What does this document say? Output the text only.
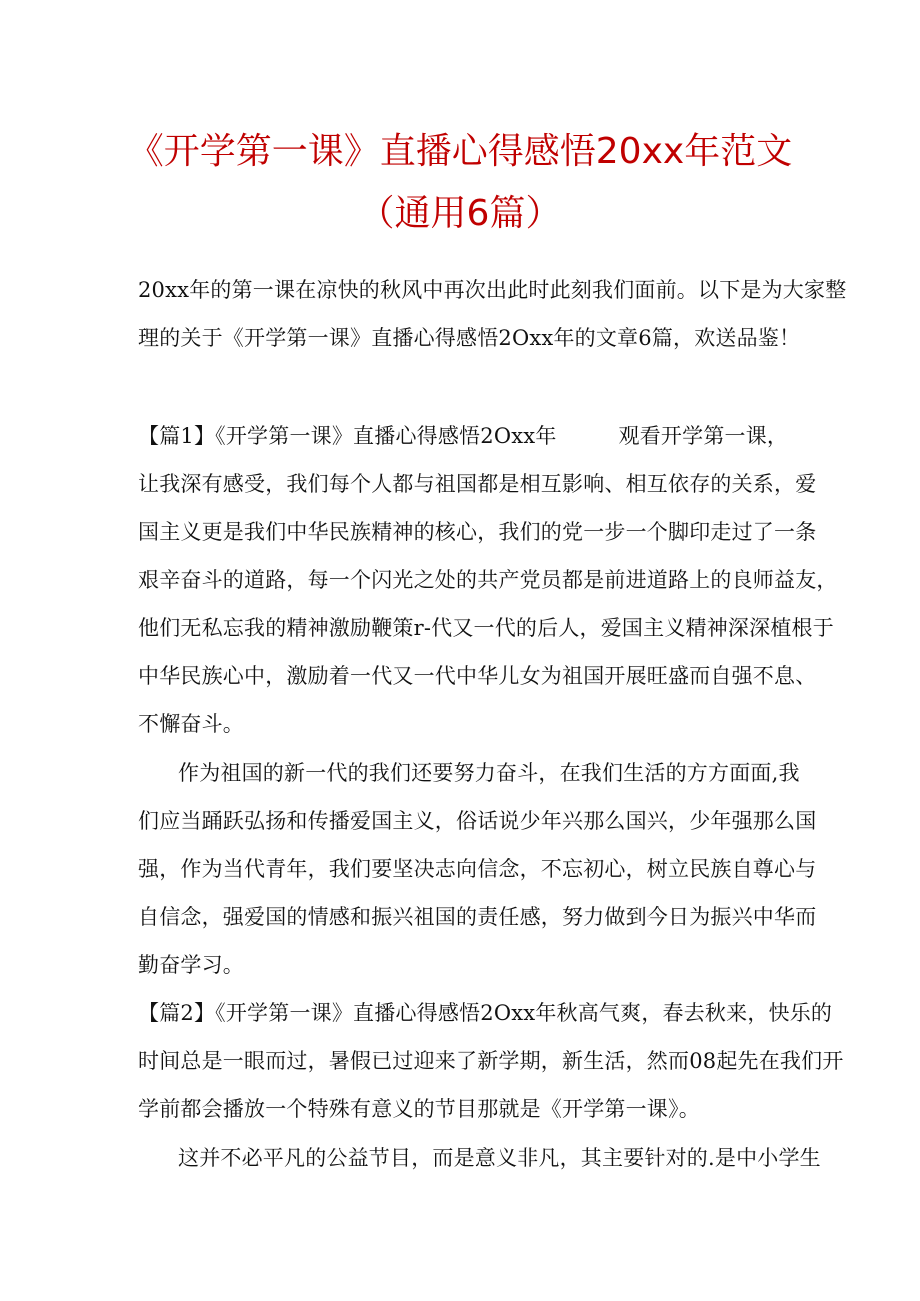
《开学第一课》直播心得感悟20xx年范文
（通用6篇）
20xx年的第一课在凉快的秋风中再次出此时此刻我们面前。以下是为大家整
理的关于《开学第一课》直播心得感悟2Oxx年的文章6篇，欢送品鉴！
【篇1】《开学第一课》直播心得感悟2Oxx年	观看开学第一课，
让我深有感受，我们每个人都与祖国都是相互影响、相互依存的关系，爱
国主义更是我们中华民族精神的核心，我们的党一步一个脚印走过了一条
艰辛奋斗的道路，每一个闪光之处的共产党员都是前进道路上的良师益友，
他们无私忘我的精神激励鞭策r-代又一代的后人，爱国主义精神深深植根于
中华民族心中，激励着一代又一代中华儿女为祖国开展旺盛而自强不息、
不懈奋斗。
作为祖国的新一代的我们还要努力奋斗，在我们生活的方方面面,我
们应当踊跃弘扬和传播爱国主义，俗话说少年兴那么国兴，少年强那么国
强，作为当代青年，我们要坚决志向信念，不忘初心，树立民族自尊心与
自信念，强爱国的情感和振兴祖国的责任感，努力做到今日为振兴中华而
勤奋学习。
【篇2】《开学第一课》直播心得感悟2Oxx年秋高气爽，春去秋来，快乐的
时间总是一眼而过，暑假已过迎来了新学期，新生活，然而08起先在我们开
学前都会播放一个特殊有意义的节目那就是《开学第一课》。
这并不必平凡的公益节目，而是意义非凡，其主要针对的.是中小学生
